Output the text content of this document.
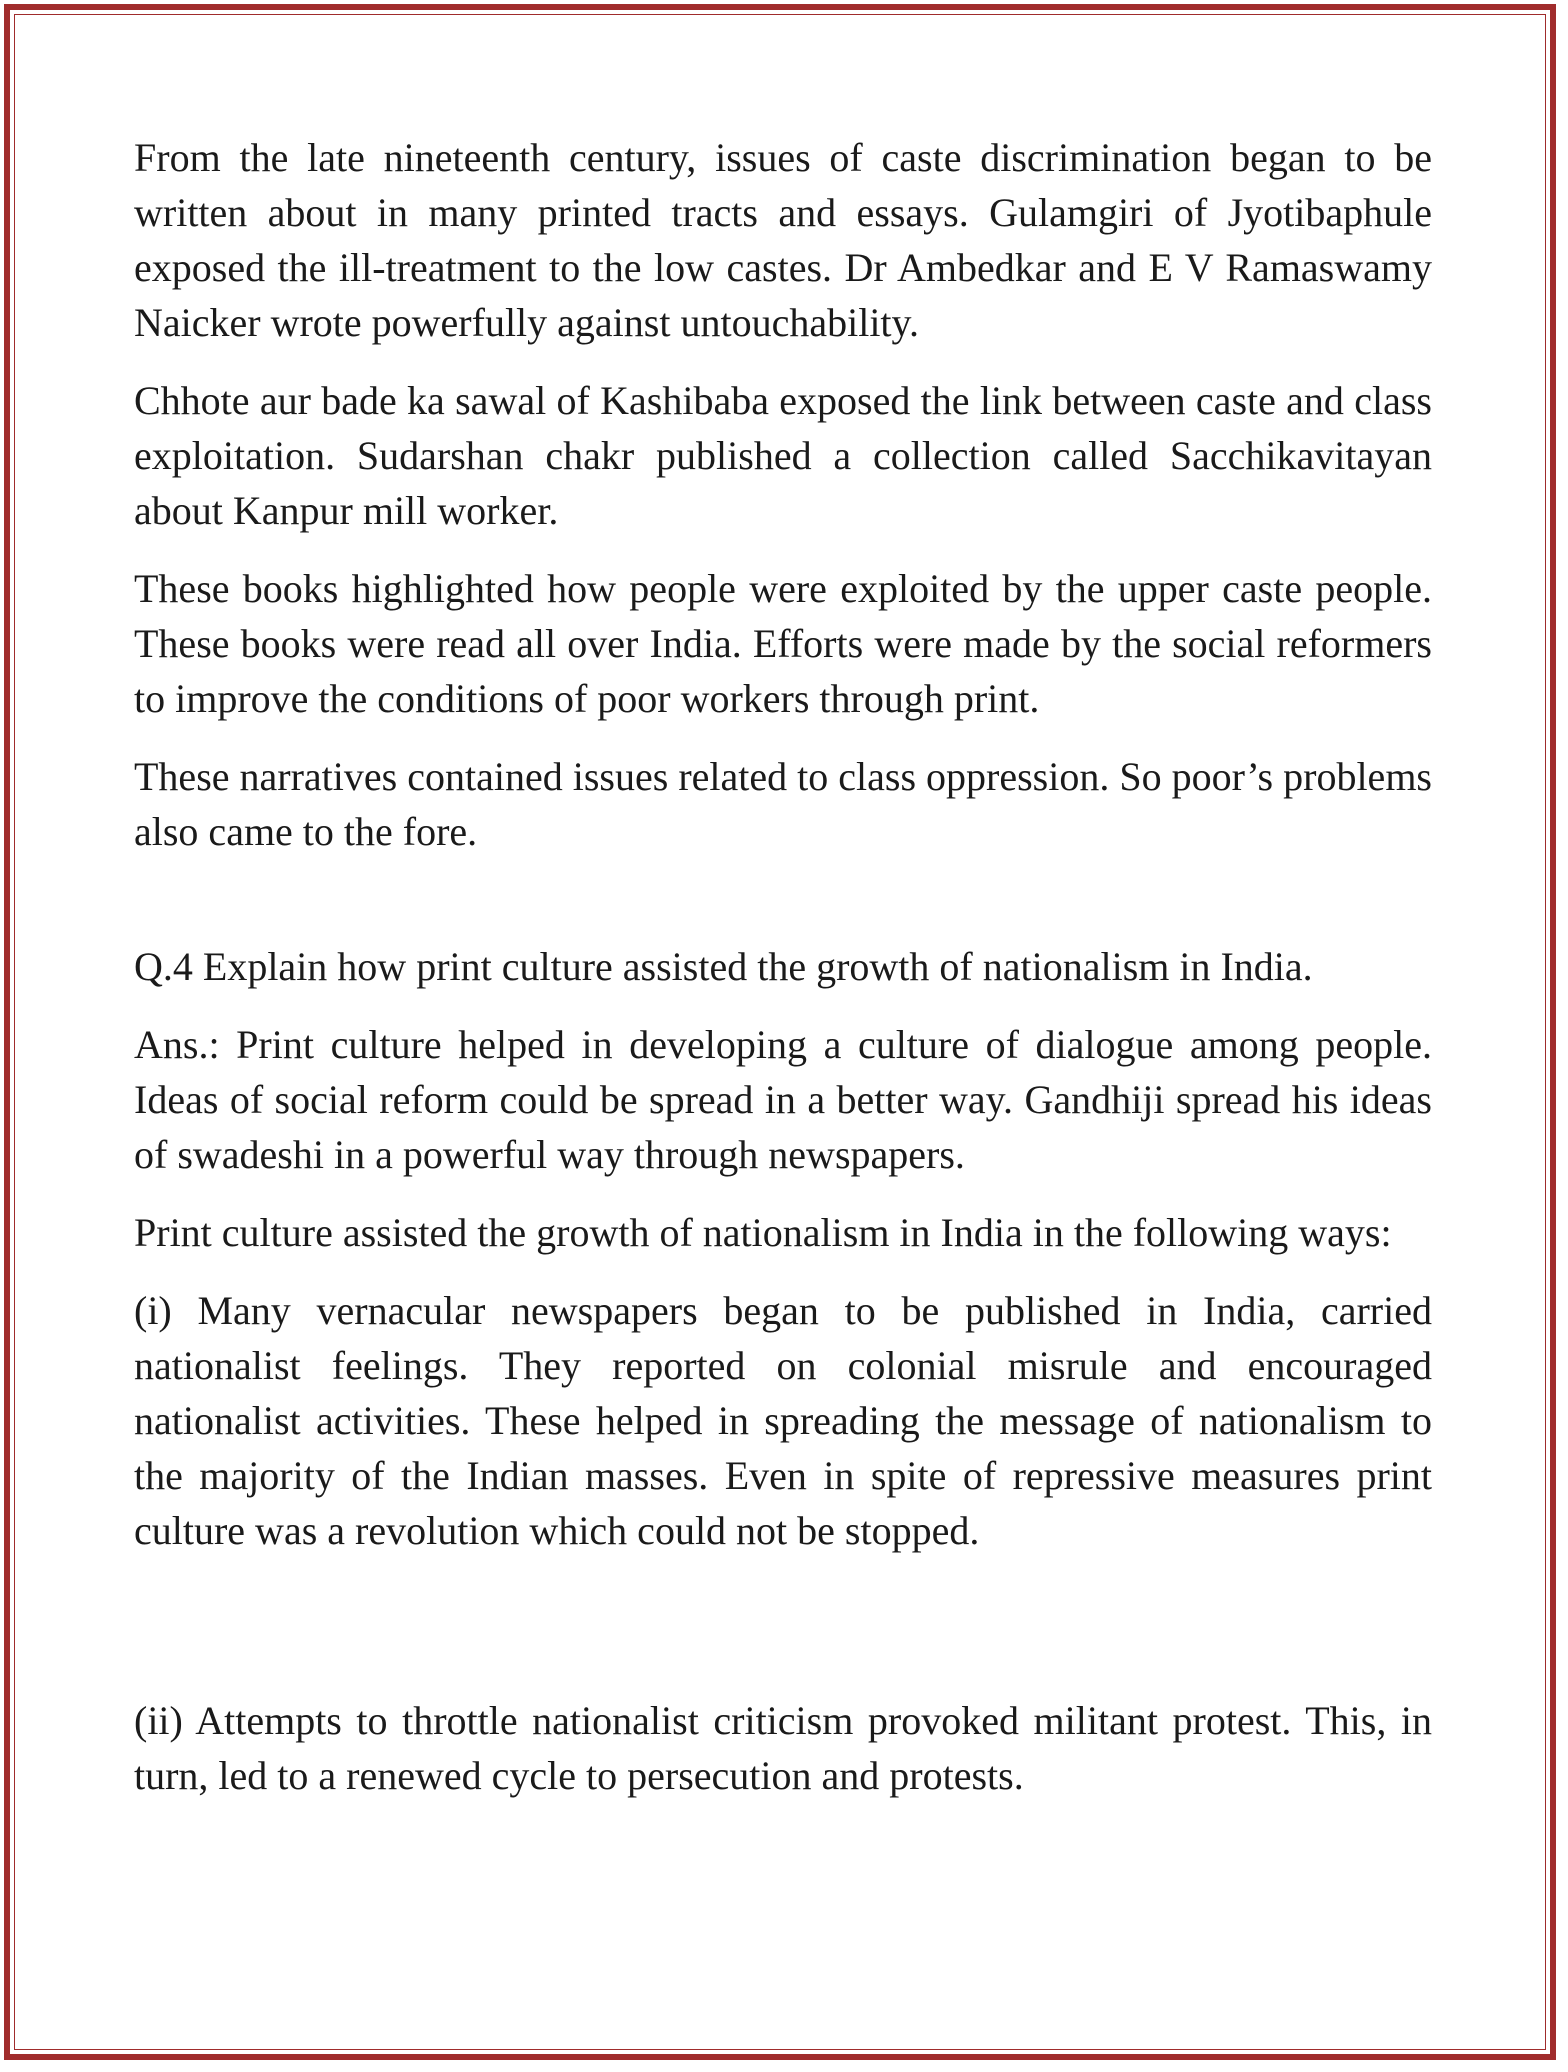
From the late nineteenth century, issues of caste discrimination began to be written about in many printed tracts and essays. Gulamgiri of Jyotibaphule exposed the ill-treatment to the low castes. Dr Ambedkar and E V Ramaswamy Naicker wrote powerfully against untouchability.

Chhote aur bade ka sawal of Kashibaba exposed the link between caste and class exploitation. Sudarshan chakr published a collection called Sacchikavitayan about Kanpur mill worker.

These books highlighted how people were exploited by the upper caste people. These books were read all over India. Efforts were made by the social reformers to improve the conditions of poor workers through print.

These narratives contained issues related to class oppression. So poor’s problems also came to the fore.

Q.4 Explain how print culture assisted the growth of nationalism in India.

Ans.: Print culture helped in developing a culture of dialogue among people. Ideas of social reform could be spread in a better way. Gandhiji spread his ideas of swadeshi in a powerful way through newspapers.

Print culture assisted the growth of nationalism in India in the following ways:

(i) Many vernacular newspapers began to be published in India, carried nationalist feelings. They reported on colonial misrule and encouraged nationalist activities. These helped in spreading the message of nationalism to the majority of the Indian masses. Even in spite of repressive measures print culture was a revolution which could not be stopped.

(ii) Attempts to throttle nationalist criticism provoked militant protest. This, in turn, led to a renewed cycle to persecution and protests.
